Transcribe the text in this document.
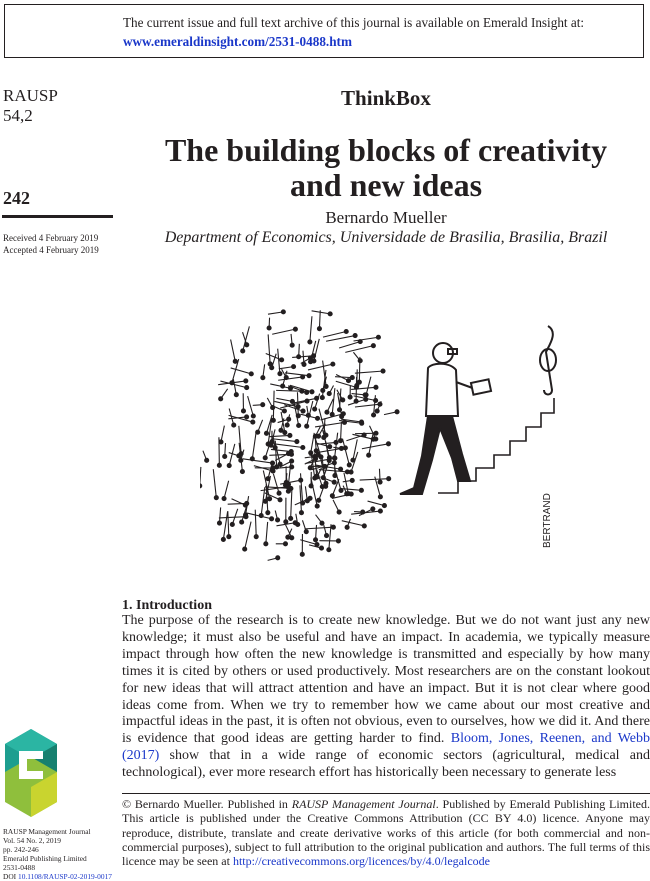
The current issue and full text archive of this journal is available on Emerald Insight at:
www.emeraldinsight.com/2531-0488.htm
RAUSP
54,2
242
Received 4 February 2019
Accepted 4 February 2019
RAUSP Management Journal
Vol. 54 No. 2, 2019
pp. 242-246
Emerald Publishing Limited
2531-0488
DOI 10.1108/RAUSP-02-2019-0017
ThinkBox
The building blocks of creativity
and new ideas
Bernardo Mueller
Department of Economics, Universidade de Brasilia, Brasilia, Brazil
BERTRAND
1. Introduction
The purpose of the research is to create new knowledge. But we do not want just any new knowledge; it must also be useful and have an impact. In academia, we typically measure impact through how often the new knowledge is transmitted and especially by how many times it is cited by others or used productively. Most researchers are on the constant lookout for new ideas that will attract attention and have an impact. But it is not clear where good ideas come from. When we try to remember how we came about our most creative and impactful ideas in the past, it is often not obvious, even to ourselves, how we did it. And there is evidence that good ideas are getting harder to find. Bloom, Jones, Reenen, and Webb (2017) show that in a wide range of economic sectors (agricultural, medical and technological), ever more research effort has historically been necessary to generate less
© Bernardo Mueller. Published in RAUSP Management Journal. Published by Emerald Publishing Limited. This article is published under the Creative Commons Attribution (CC BY 4.0) licence. Anyone may reproduce, distribute, translate and create derivative works of this article (for both commercial and non-commercial purposes), subject to full attribution to the original publication and authors. The full terms of this licence may be seen at http://creativecommons.org/licences/by/4.0/legalcode
